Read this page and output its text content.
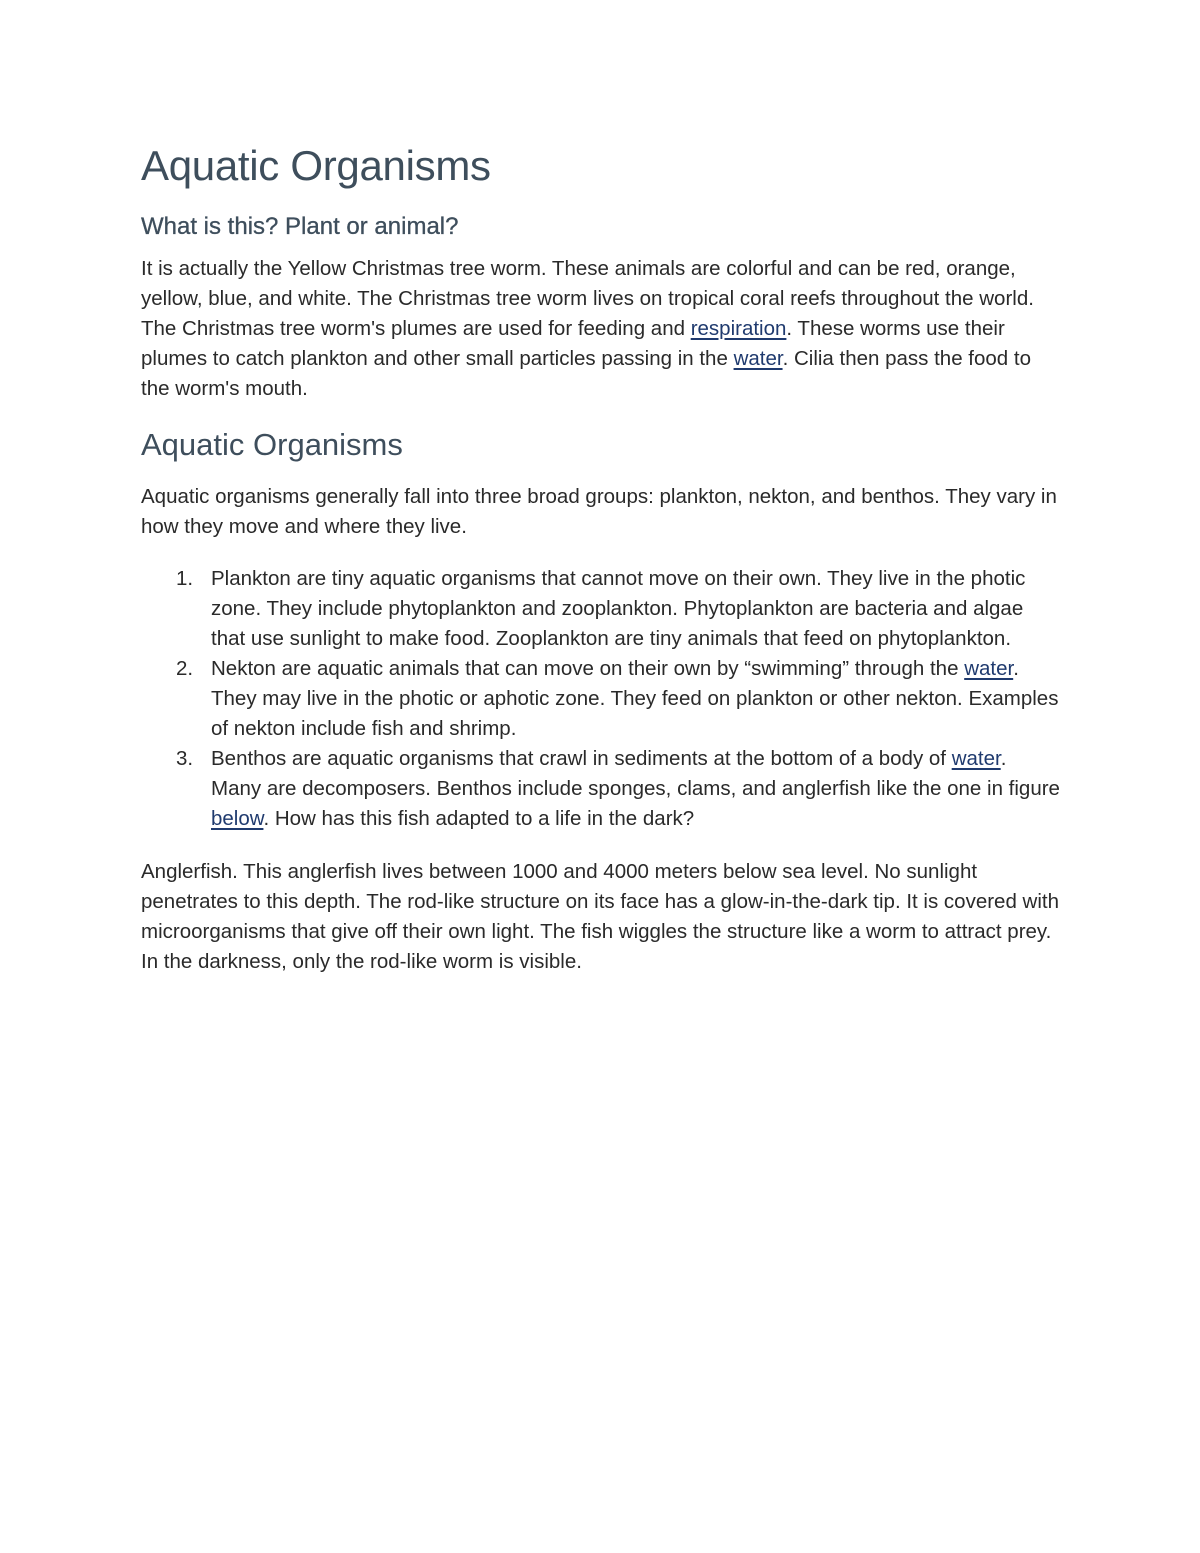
Aquatic Organisms
What is this? Plant or animal?

It is actually the Yellow Christmas tree worm. These animals are colorful and can be red, orange, yellow, blue, and white. The Christmas tree worm lives on tropical coral reefs throughout the world. The Christmas tree worm's plumes are used for feeding and respiration. These worms use their plumes to catch plankton and other small particles passing in the water. Cilia then pass the food to the worm's mouth.

Aquatic Organisms

Aquatic organisms generally fall into three broad groups: plankton, nekton, and benthos. They vary in how they move and where they live.

1. Plankton are tiny aquatic organisms that cannot move on their own. They live in the photic zone. They include phytoplankton and zooplankton. Phytoplankton are bacteria and algae that use sunlight to make food. Zooplankton are tiny animals that feed on phytoplankton.
2. Nekton are aquatic animals that can move on their own by “swimming” through the water. They may live in the photic or aphotic zone. They feed on plankton or other nekton. Examples of nekton include fish and shrimp.
3. Benthos are aquatic organisms that crawl in sediments at the bottom of a body of water. Many are decomposers. Benthos include sponges, clams, and anglerfish like the one in figure below. How has this fish adapted to a life in the dark?

Anglerfish. This anglerfish lives between 1000 and 4000 meters below sea level. No sunlight penetrates to this depth. The rod-like structure on its face has a glow-in-the-dark tip. It is covered with microorganisms that give off their own light. The fish wiggles the structure like a worm to attract prey. In the darkness, only the rod-like worm is visible.
